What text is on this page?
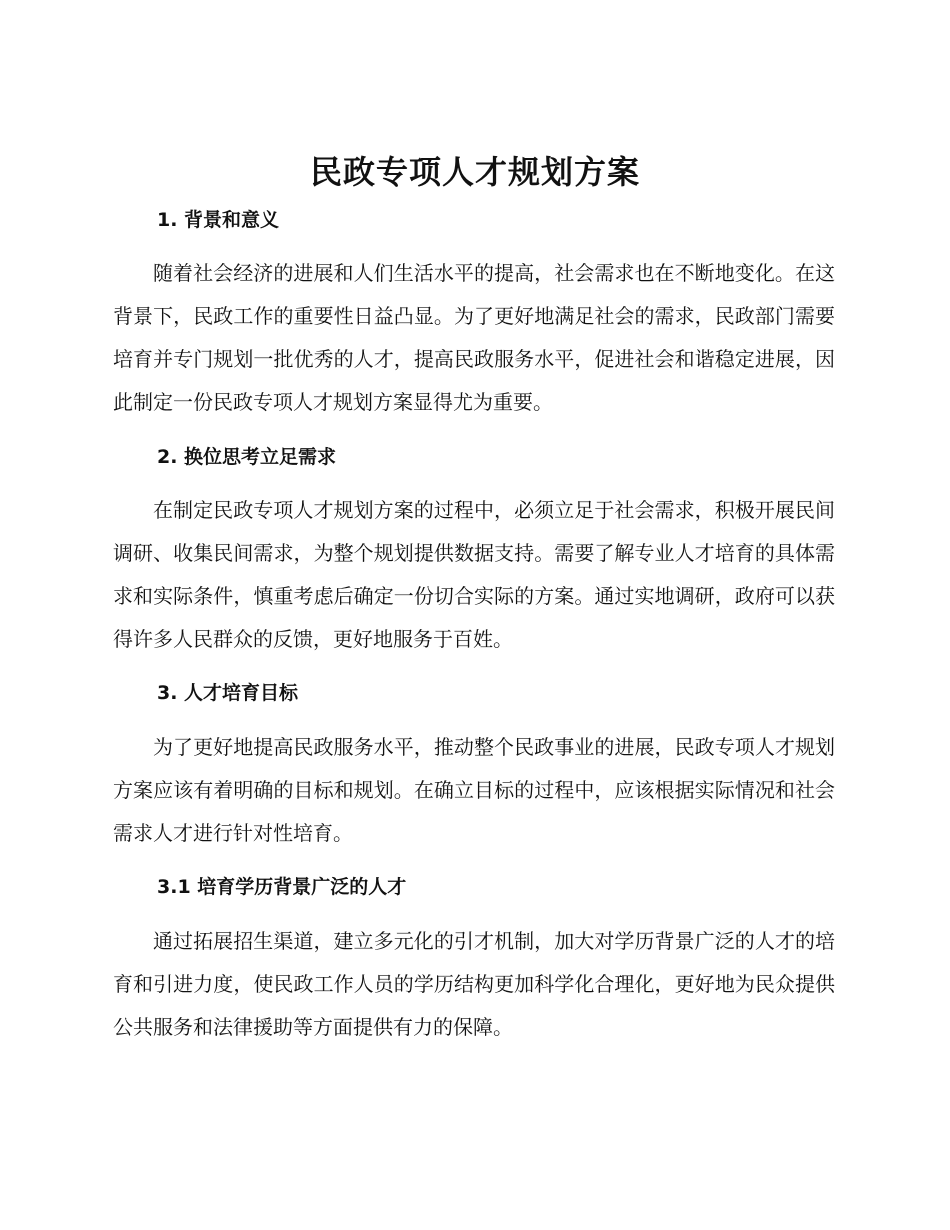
民政专项人才规划方案
1. 背景和意义

随着社会经济的进展和人们生活水平的提高，社会需求也在不断地变化。在这背景下，民政工作的重要性日益凸显。为了更好地满足社会的需求，民政部门需要培育并专门规划一批优秀的人才，提高民政服务水平，促进社会和谐稳定进展，因此制定一份民政专项人才规划方案显得尤为重要。

2. 换位思考立足需求

在制定民政专项人才规划方案的过程中，必须立足于社会需求，积极开展民间调研、收集民间需求，为整个规划提供数据支持。需要了解专业人才培育的具体需求和实际条件，慎重考虑后确定一份切合实际的方案。通过实地调研，政府可以获得许多人民群众的反馈，更好地服务于百姓。

3. 人才培育目标

为了更好地提高民政服务水平，推动整个民政事业的进展，民政专项人才规划方案应该有着明确的目标和规划。在确立目标的过程中，应该根据实际情况和社会需求人才进行针对性培育。

3.1 培育学历背景广泛的人才

通过拓展招生渠道，建立多元化的引才机制，加大对学历背景广泛的人才的培育和引进力度，使民政工作人员的学历结构更加科学化合理化，更好地为民众提供公共服务和法律援助等方面提供有力的保障。
